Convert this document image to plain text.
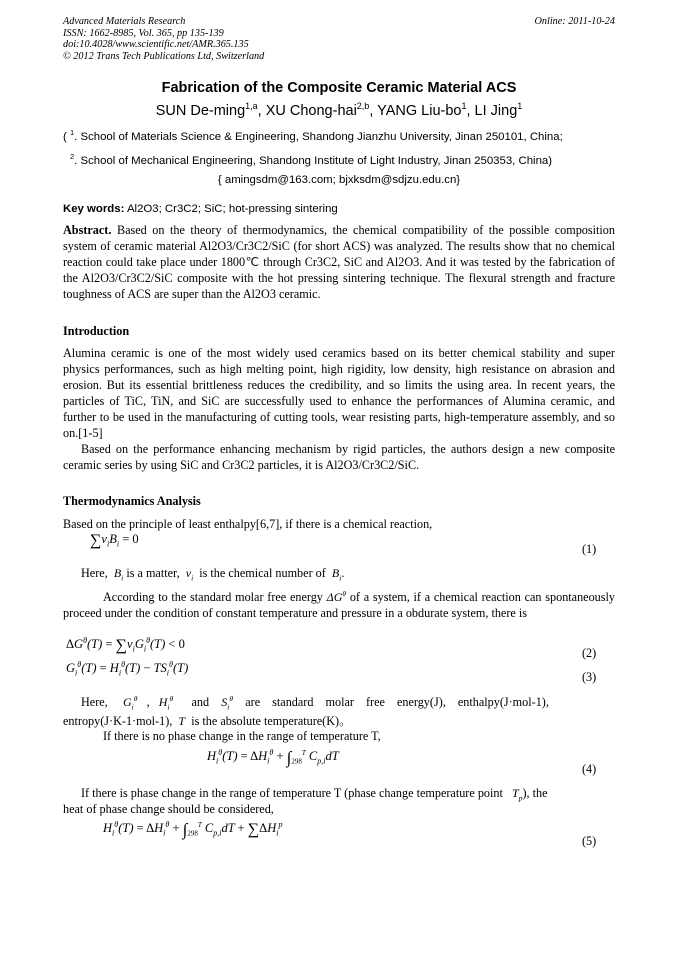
Advanced Materials Research
ISSN: 1662-8985, Vol. 365, pp 135-139
doi:10.4028/www.scientific.net/AMR.365.135
© 2012 Trans Tech Publications Ltd, Switzerland
Online: 2011-10-24
Fabrication of the Composite Ceramic Material ACS
SUN De-ming$^{1,a}$, XU Chong-hai$^{2,b}$, YANG Liu-$bo^1$, LI Jing$^1$
( $^1$. School of Materials Science & Engineering, Shandong Jianzhu University, Jinan 250101, China;
$^2$. School of Mechanical Engineering, Shandong Institute of Light Industry, Jinan 250353, China)
{ amingsdm@163.com; bjxksdm@sdjzu.edu.cn}
Key words: Al2O3; Cr3C2; SiC; hot-pressing sintering
Abstract. Based on the theory of thermodynamics, the chemical compatibility of the possible composition system of ceramic material Al2O3/Cr3C2/SiC (for short ACS) was analyzed. The results show that no chemical reaction could take place under 1800℃ through Cr3C2, SiC and Al2O3. And it was tested by the fabrication of the Al2O3/Cr3C2/SiC composite with the hot pressing sintering technique. The flexural strength and fracture toughness of ACS are super than the Al2O3 ceramic.
Introduction
Alumina ceramic is one of the most widely used ceramics based on its better chemical stability and super physics performances, such as high melting point, high rigidity, low density, high resistance on abrasion and erosion. But its essential brittleness reduces the credibility, and so limits the using area. In recent years, the particles of TiC, TiN, and SiC are successfully used to enhance the performances of Alumina ceramic, and further to be used in the manufacturing of cutting tools, wear resisting parts, high-temperature assembly, and so on.[1-5]
Based on the performance enhancing mechanism by rigid particles, the authors design a new composite ceramic series by using SiC and Cr3C2 particles, it is Al2O3/Cr3C2/SiC.
Thermodynamics Analysis
Based on the principle of least enthalpy[6,7], if there is a chemical reaction,
$\sum v_iB_i = 0$
(1)
Here, $B_i$ is a matter, $v_i$ is the chemical number of $B_i$.
According to the standard molar free energy $\Delta G^\theta$ of a system, if a chemical reaction can spontaneously proceed under the condition of constant temperature and pressure in a obdurate system, there is
$\Delta G^\theta(T) = \sum v_iG_i^\theta(T) < 0$
(2)
$G_i^\theta(T) = H_i^\theta(T) - TS_i^\theta(T)$
(3)
Here, $G_i^\theta$ , $H_i^\theta$ and $S_i^\theta$ are standard molar free energy(J), enthalpy(J·mol-1),
entropy(J·K-1·mol-1), T is the absolute temperature(K)。
If there is no phase change in the range of temperature T,
$H_i^\theta(T) = \Delta H_i^\theta + \int_{298}^T$ $C_{p,i}dT$
(4)
If there is phase change in the range of temperature T (phase change temperature point $T_p$), the
heat of phase change should be considered,
$H_i^\theta(T) = \Delta H_i^\theta + \int_{298}^T$ $C_{p,i}dT + \sum\Delta H_i^p$
(5)
